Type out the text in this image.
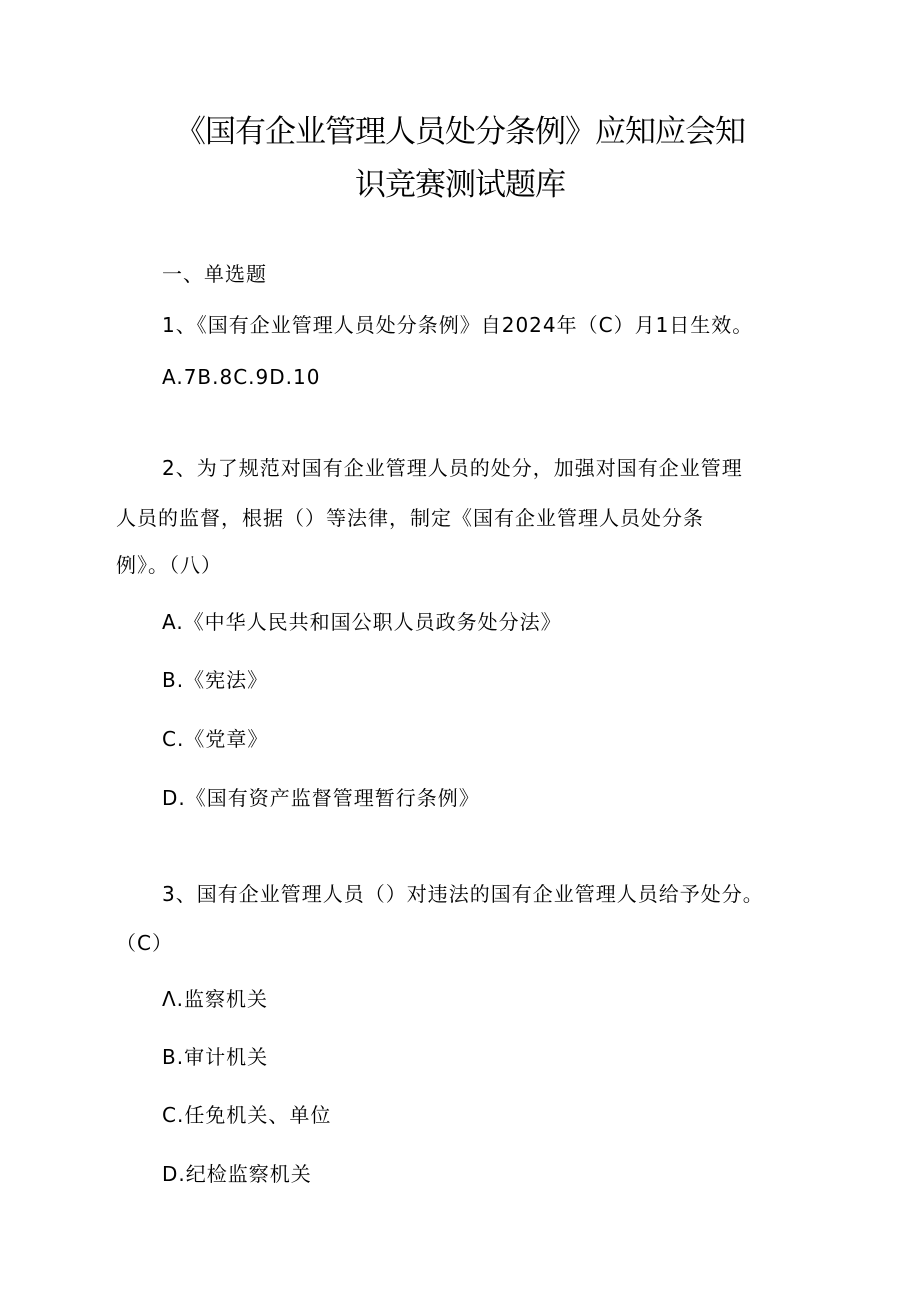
《国有企业管理人员处分条例》应知应会知
识竞赛测试题库
一、单选题
1、《国有企业管理人员处分条例》自2024年（C）月1日生效。
A.7B.8C.9D.10
2、为了规范对国有企业管理人员的处分，加强对国有企业管理
人员的监督，根据（）等法律，制定《国有企业管理人员处分条
例》。（八）
A.《中华人民共和国公职人员政务处分法》
B.《宪法》
C.《党章》
D.《国有资产监督管理暂行条例》
3、国有企业管理人员（）对违法的国有企业管理人员给予处分。
（C）
Λ.监察机关
B.审计机关
C.任免机关、单位
D.纪检监察机关
